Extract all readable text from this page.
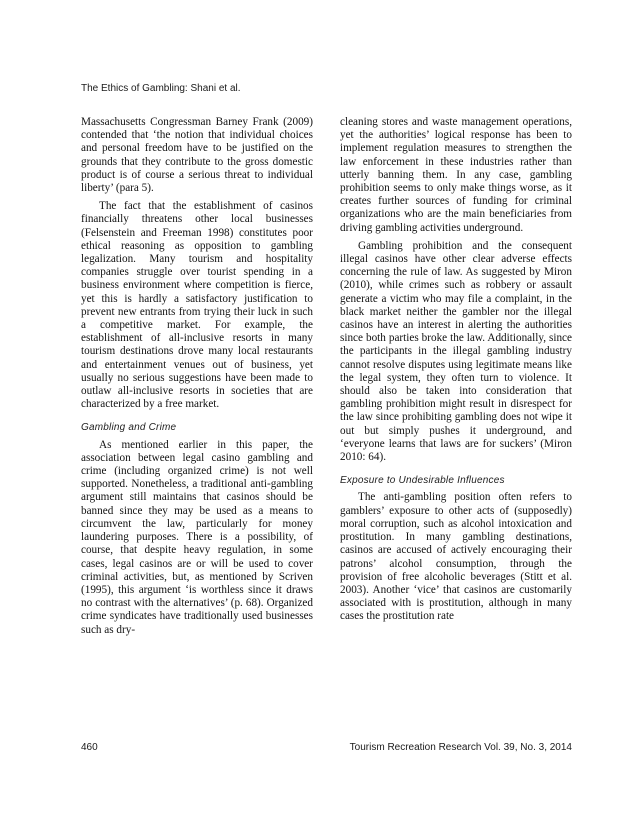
The Ethics of Gambling: Shani et al.

Massachusetts Congressman Barney Frank (2009) contended that ‘the notion that individual choices and personal freedom have to be justified on the grounds that they contribute to the gross domestic product is of course a serious threat to individual liberty’ (para 5).

The fact that the establishment of casinos financially threatens other local businesses (Felsenstein and Freeman 1998) constitutes poor ethical reasoning as opposition to gambling legalization. Many tourism and hospitality companies struggle over tourist spending in a business environment where competition is fierce, yet this is hardly a satisfactory justification to prevent new entrants from trying their luck in such a competitive market. For example, the establishment of all-inclusive resorts in many tourism destinations drove many local restaurants and entertainment venues out of business, yet usually no serious suggestions have been made to outlaw all-inclusive resorts in societies that are characterized by a free market.

Gambling and Crime

As mentioned earlier in this paper, the association between legal casino gambling and crime (including organized crime) is not well supported. Nonetheless, a traditional anti-gambling argument still maintains that casinos should be banned since they may be used as a means to circumvent the law, particularly for money laundering purposes. There is a possibility, of course, that despite heavy regulation, in some cases, legal casinos are or will be used to cover criminal activities, but, as mentioned by Scriven (1995), this argument ‘is worthless since it draws no contrast with the alternatives’ (p. 68). Organized crime syndicates have traditionally used businesses such as dry-

cleaning stores and waste management operations, yet the authorities’ logical response has been to implement regulation measures to strengthen the law enforcement in these industries rather than utterly banning them. In any case, gambling prohibition seems to only make things worse, as it creates further sources of funding for criminal organizations who are the main beneficiaries from driving gambling activities underground.

Gambling prohibition and the consequent illegal casinos have other clear adverse effects concerning the rule of law. As suggested by Miron (2010), while crimes such as robbery or assault generate a victim who may file a complaint, in the black market neither the gambler nor the illegal casinos have an interest in alerting the authorities since both parties broke the law. Additionally, since the participants in the illegal gambling industry cannot resolve disputes using legitimate means like the legal system, they often turn to violence. It should also be taken into consideration that gambling prohibition might result in disrespect for the law since prohibiting gambling does not wipe it out but simply pushes it underground, and ‘everyone learns that laws are for suckers’ (Miron 2010: 64).

Exposure to Undesirable Influences

The anti-gambling position often refers to gamblers’ exposure to other acts of (supposedly) moral corruption, such as alcohol intoxication and prostitution. In many gambling destinations, casinos are accused of actively encouraging their patrons’ alcohol consumption, through the provision of free alcoholic beverages (Stitt et al. 2003). Another ‘vice’ that casinos are customarily associated with is prostitution, although in many cases the prostitution rate

460	Tourism Recreation Research Vol. 39, No. 3, 2014
